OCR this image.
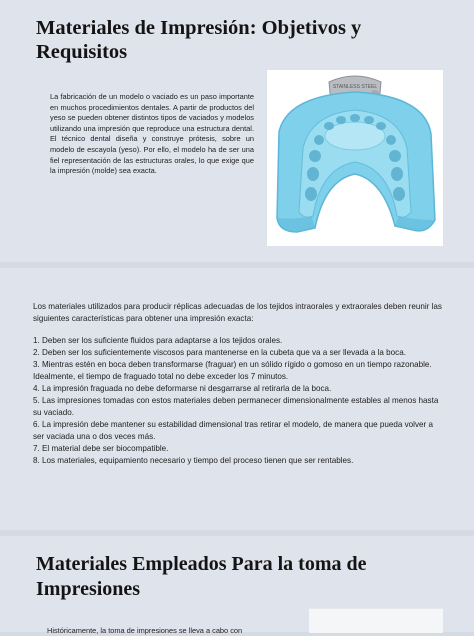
Materiales de Impresión: Objetivos y Requisitos

La fabricación de un modelo o vaciado es un paso importante en muchos procedimientos dentales. A partir de productos del yeso se pueden obtener distintos tipos de vaciados y modelos utilizando una impresión que reproduce una estructura dental. El técnico dental diseña y construye prótesis, sobre un modelo de escayola (yeso). Por ello, el modelo ha de ser una fiel representación de las estructuras orales, lo que exige que la impresión (molde) sea exacta.

STAINLESS STEEL

Los materiales utilizados para producir réplicas adecuadas de los tejidos intraorales y extraorales deben reunir las siguientes características para obtener una impresión exacta:

1. Deben ser los suficiente fluidos para adaptarse a los tejidos orales.
2. Deben ser los suficientemente viscosos para mantenerse en la cubeta que va a ser llevada a la boca.
3. Mientras estén en boca deben transformarse (fraguar) en un sólido rígido o gomoso en un tiempo razonable. Idealmente, el tiempo de fraguado total no debe exceder los 7 minutos.
4. La impresión fraguada no debe deformarse ni desgarrarse al retirarla de la boca.
5. Las impresiones tomadas con estos materiales deben permanecer dimensionalmente estables al menos hasta su vaciado.
6. La impresión debe mantener su estabilidad dimensional tras retirar el modelo, de manera que pueda volver a ser vaciada una o dos veces más.
7. El material debe ser biocompatible.
8. Los materiales, equipamiento necesario y tiempo del proceso tienen que ser rentables.
Materiales Empleados Para la toma de Impresiones

Históricamente, la toma de impresiones se lleva a cabo con
